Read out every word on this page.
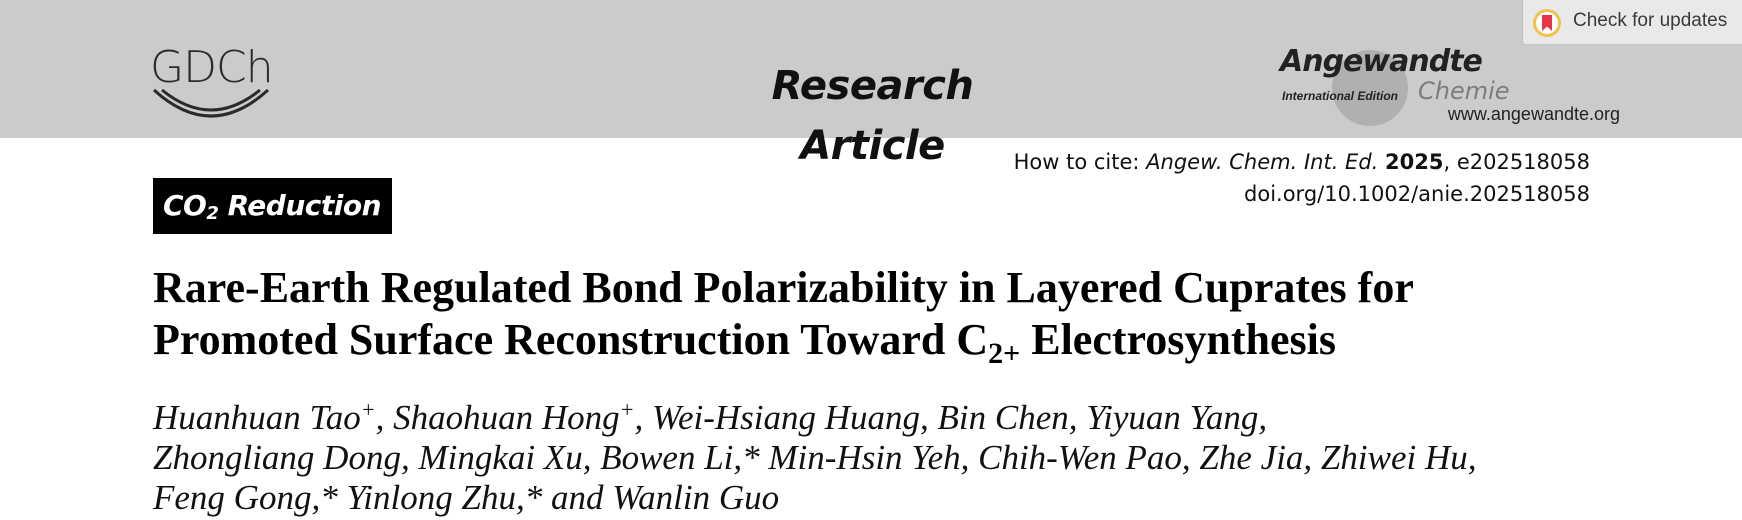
GDCh	Research Article
Angewandte
Chemie
International Edition
www.angewandte.org
Check for updates
How to cite: Angew. Chem. Int. Ed. 2025, e202518058
doi.org/10.1002/anie.202518058
$CO_2$ Reduction
Rare-Earth Regulated Bond Polarizability in Layered Cuprates for
Promoted Surface Reconstruction Toward $C_{2+}$ Electrosynthesis
Huanhuan Tao+, Shaohuan Hong+, Wei-Hsiang Huang, Bin Chen, Yiyuan Yang,
Zhongliang Dong, Mingkai Xu, Bowen Li,* Min-Hsin Yeh, Chih-Wen Pao, Zhe Jia, Zhiwei Hu,
Feng Gong,* Yinlong Zhu,* and Wanlin Guo
